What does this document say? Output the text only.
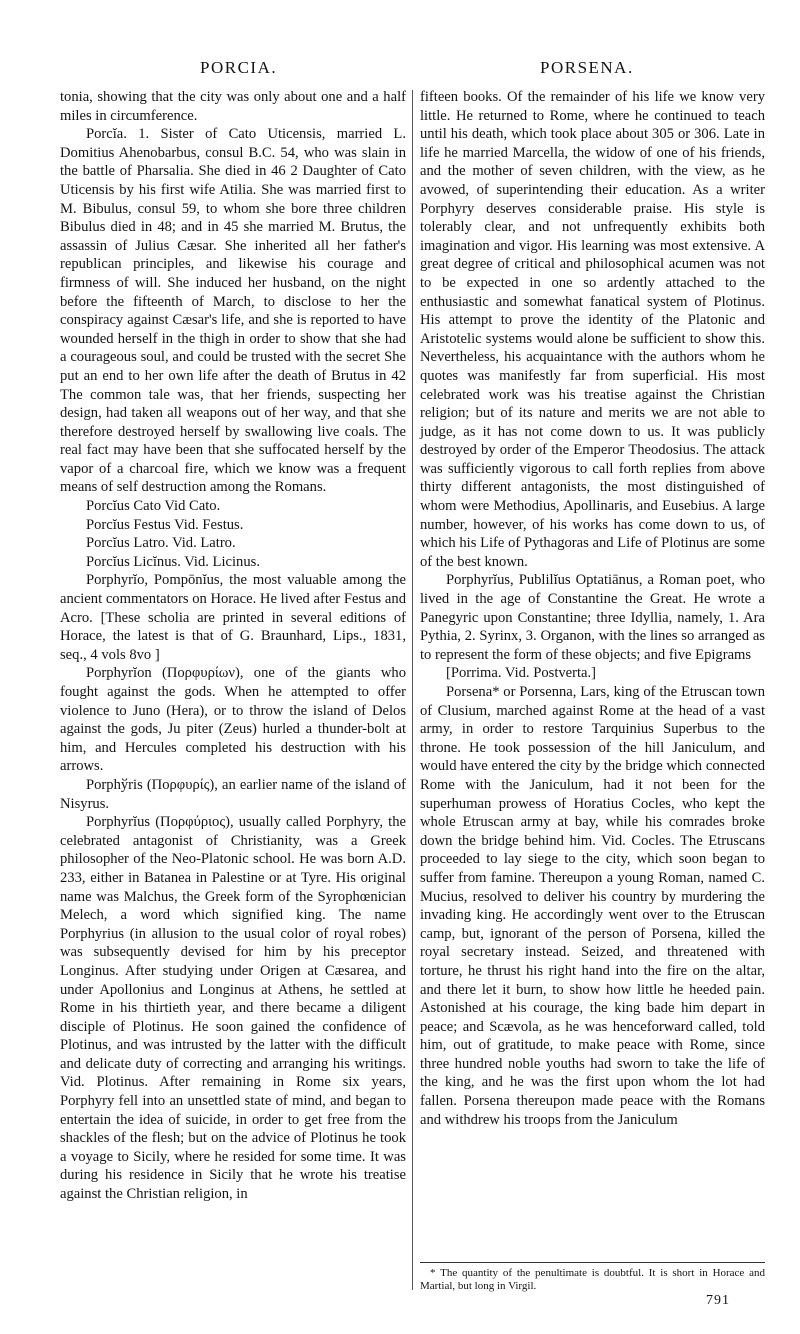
PORCIA.	PORSENA.

tonia, showing that the city was only about one and a half miles in circumference.

Porcĭa. 1. Sister of Cato Uticensis, married L. Domitius Ahenobarbus, consul B.C. 54, who was slain in the battle of Pharsalia. She died in 46 2 Daughter of Cato Uticensis by his first wife Atilia. She was married first to M. Bibulus, consul 59, to whom she bore three children Bibulus died in 48; and in 45 she married M. Brutus, the assassin of Julius Cæsar. She inherited all her father's republican principles, and likewise his courage and firmness of will. She induced her husband, on the night before the fifteenth of March, to disclose to her the conspiracy against Cæsar's life, and she is reported to have wounded herself in the thigh in order to show that she had a courageous soul, and could be trusted with the secret She put an end to her own life after the death of Brutus in 42 The common tale was, that her friends, suspecting her design, had taken all weapons out of her way, and that she therefore destroyed herself by swallowing live coals. The real fact may have been that she suffocated herself by the vapor of a charcoal fire, which we know was a frequent means of self destruction among the Romans.

Porcĭus Cato Vid Cato.

Porcĭus Festus Vid. Festus.

Porcĭus Latro. Vid. Latro.

Porcĭus Licĭnus. Vid. Licinus.

Porphyrĭo, Pompōnĭus, the most valuable among the ancient commentators on Horace. He lived after Festus and Acro. [These scholia are printed in several editions of Horace, the latest is that of G. Braunhard, Lips., 1831, seq., 4 vols 8vo ]

Porphyrĭon (Πορφυρίων), one of the giants who fought against the gods. When he attempted to offer violence to Juno (Hera), or to throw the island of Delos against the gods, Ju piter (Zeus) hurled a thunder-bolt at him, and Hercules completed his destruction with his arrows.

Porphўris (Πορφυρίς), an earlier name of the island of Nisyrus.

Porphyrĭus (Πορφύριος), usually called Porphyry, the celebrated antagonist of Christianity, was a Greek philosopher of the Neo-Platonic school. He was born A.D. 233, either in Batanea in Palestine or at Tyre. His original name was Malchus, the Greek form of the Syrophœnician Melech, a word which signified king. The name Porphyrius (in allusion to the usual color of royal robes) was subsequently devised for him by his preceptor Longinus. After studying under Origen at Cæsarea, and under Apollonius and Longinus at Athens, he settled at Rome in his thirtieth year, and there became a diligent disciple of Plotinus. He soon gained the confidence of Plotinus, and was intrusted by the latter with the difficult and delicate duty of correcting and arranging his writings. Vid. Plotinus. After remaining in Rome six years, Porphyry fell into an unsettled state of mind, and began to entertain the idea of suicide, in order to get free from the shackles of the flesh; but on the advice of Plotinus he took a voyage to Sicily, where he resided for some time. It was during his residence in Sicily that he wrote his treatise against the Christian religion, in

fifteen books. Of the remainder of his life we know very little. He returned to Rome, where he continued to teach until his death, which took place about 305 or 306. Late in life he married Marcella, the widow of one of his friends, and the mother of seven children, with the view, as he avowed, of superintending their education. As a writer Porphyry deserves considerable praise. His style is tolerably clear, and not unfrequently exhibits both imagination and vigor. His learning was most extensive. A great degree of critical and philosophical acumen was not to be expected in one so ardently attached to the enthusiastic and somewhat fanatical system of Plotinus. His attempt to prove the identity of the Platonic and Aristotelic systems would alone be sufficient to show this. Nevertheless, his acquaintance with the authors whom he quotes was manifestly far from superficial. His most celebrated work was his treatise against the Christian religion; but of its nature and merits we are not able to judge, as it has not come down to us. It was publicly destroyed by order of the Emperor Theodosius. The attack was sufficiently vigorous to call forth replies from above thirty different antagonists, the most distinguished of whom were Methodius, Apollinaris, and Eusebius. A large number, however, of his works has come down to us, of which his Life of Pythagoras and Life of Plotinus are some of the best known.

Porphyrĭus, Publilĭus Optatiānus, a Roman poet, who lived in the age of Constantine the Great. He wrote a Panegyric upon Constantine; three Idyllia, namely, 1. Ara Pythia, 2. Syrinx, 3. Organon, with the lines so arranged as to represent the form of these objects; and five Epigrams

[Porrima. Vid. Postverta.]

Porsena* or Porsenna, Lars, king of the Etruscan town of Clusium, marched against Rome at the head of a vast army, in order to restore Tarquinius Superbus to the throne. He took possession of the hill Janiculum, and would have entered the city by the bridge which connected Rome with the Janiculum, had it not been for the superhuman prowess of Horatius Cocles, who kept the whole Etruscan army at bay, while his comrades broke down the bridge behind him. Vid. Cocles. The Etruscans proceeded to lay siege to the city, which soon began to suffer from famine. Thereupon a young Roman, named C. Mucius, resolved to deliver his country by murdering the invading king. He accordingly went over to the Etruscan camp, but, ignorant of the person of Porsena, killed the royal secretary instead. Seized, and threatened with torture, he thrust his right hand into the fire on the altar, and there let it burn, to show how little he heeded pain. Astonished at his courage, the king bade him depart in peace; and Scævola, as he was henceforward called, told him, out of gratitude, to make peace with Rome, since three hundred noble youths had sworn to take the life of the king, and he was the first upon whom the lot had fallen. Porsena thereupon made peace with the Romans and withdrew his troops from the Janiculum

* The quantity of the penultimate is doubtful. It is short in Horace and Martial, but long in Virgil.
791
